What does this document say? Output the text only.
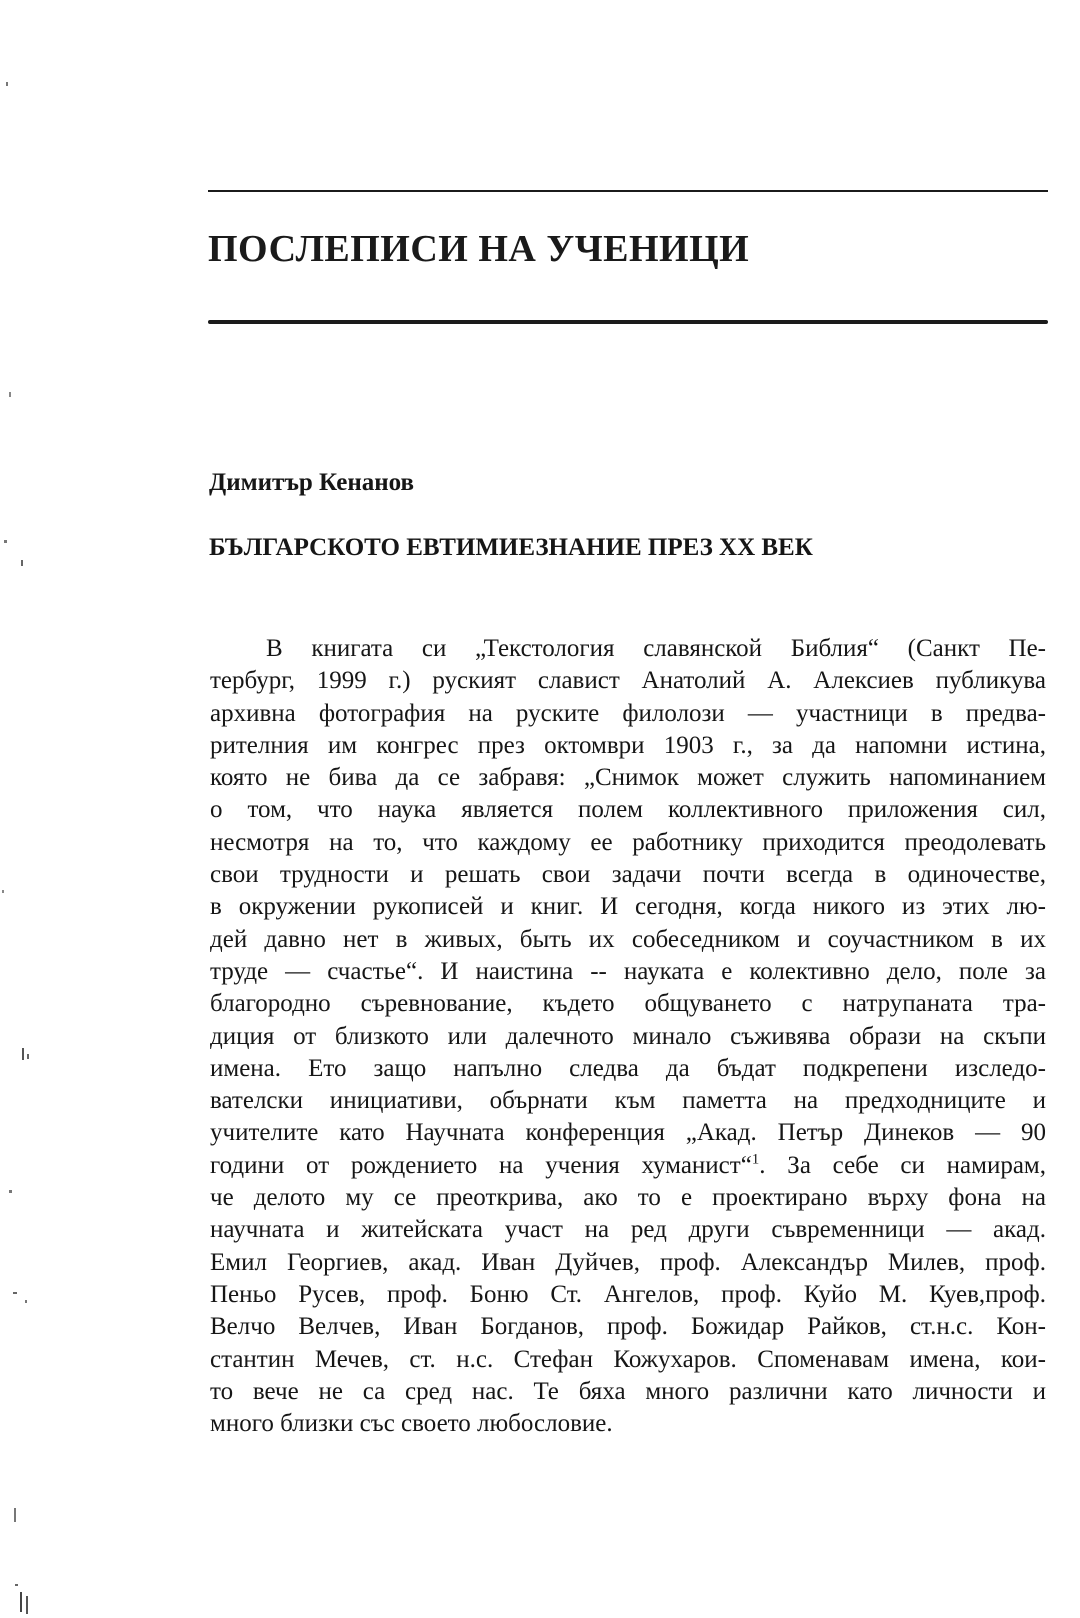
ПОСЛЕПИСИ НА УЧЕНИЦИ
Димитър Кенанов
БЪЛГАРСКОТО ЕВТИМИЕЗНАНИЕ ПРЕЗ XX ВЕК
В книгата си „Текстология славянской Библия“ (Санкт Пе-
тербург, 1999 г.) руският славист Анатолий А. Алексиев публикува
архивна фотография на руските филолози — участници в предва-
рителния им конгрес през октомври 1903 г., за да напомни истина,
която не бива да се забравя: „Снимок может служить напоминанием
о том, что наука является полем коллективного приложения сил,
несмотря на то, что каждому ее работнику приходится преодолевать
свои трудности и решать свои задачи почти всегда в одиночестве,
в окружении рукописей и книг. И сегодня, когда никого из этих лю-
дей давно нет в живых, быть их собеседником и соучастником в их
труде — счастье“. И наистина -- науката е колективно дело, поле за
благородно съревнование, където общуването с натрупаната тра-
диция от близкото или далечното минало съживява образи на скъпи
имена. Ето защо напълно следва да бъдат подкрепени изследо-
вателски инициативи, обърнати към паметта на предходниците и
учителите като Научната конференция „Акад. Петър Динеков — 90
години от рождението на учения хуманист“$^1$. За себе си намирам,
че делото му се преоткрива, ако то е проектирано върху фона на
научната и житейската участ на ред други съвременници — акад.
Емил Георгиев, акад. Иван Дуйчев, проф. Александър Милев, проф.
Пеньо Русев, проф. Боню Ст. Ангелов, проф. Куйо М. Куев,проф.
Велчо Велчев, Иван Богданов, проф. Божидар Райков, ст.н.с. Кон-
стантин Мечев, ст. н.с. Стефан Кожухаров. Споменавам имена, кои-
то вече не са сред нас. Те бяха много различни като личности и
много близки със своето любословие.
